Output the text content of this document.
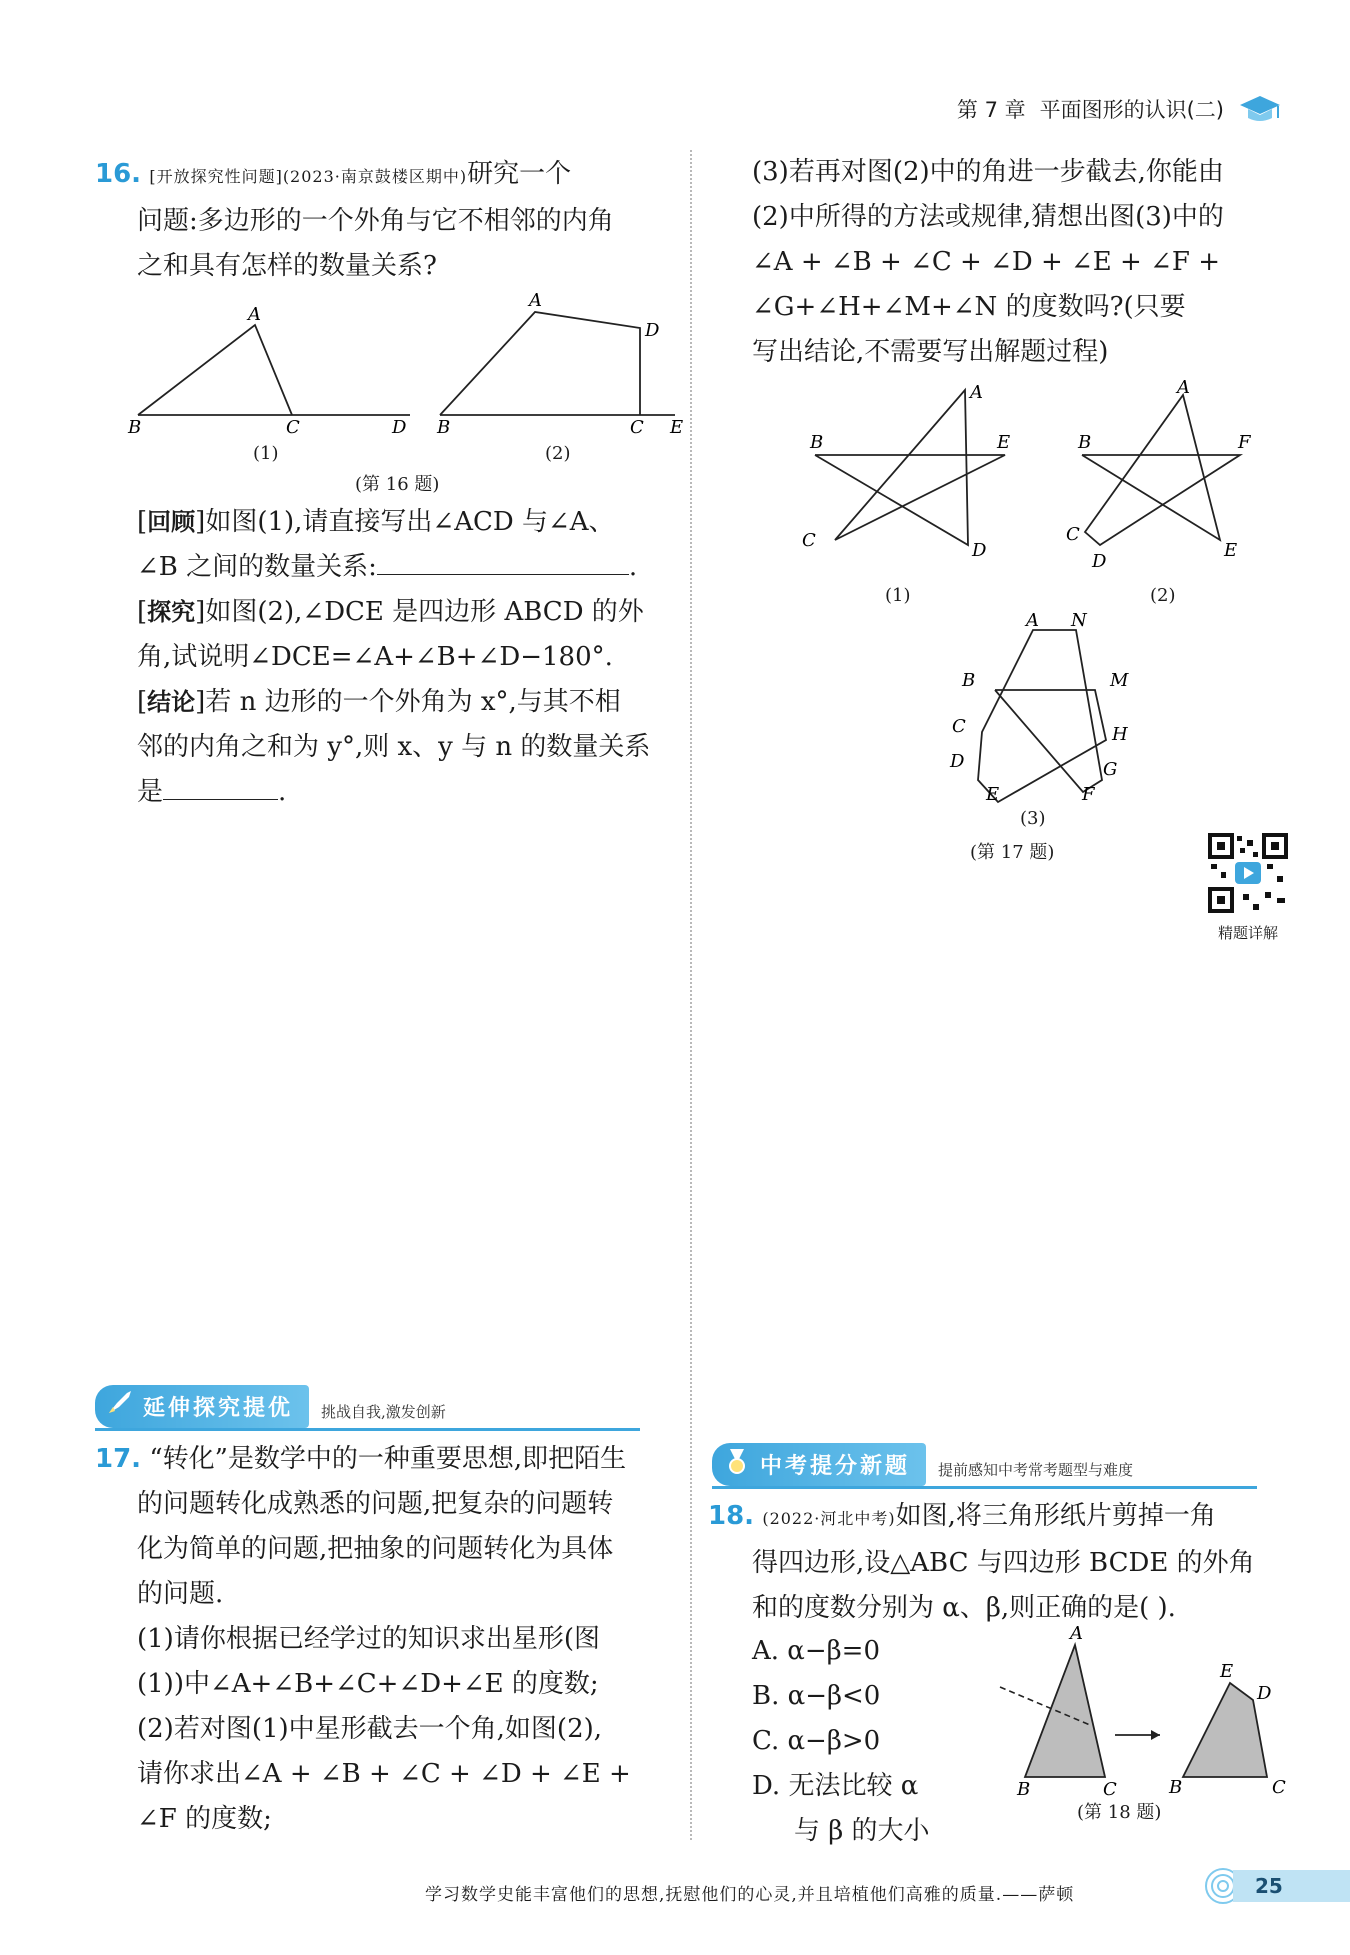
第 7 章 平面图形的认识(二)
16. [开放探究性问题](2023·南京鼓楼区期中)研究一个
问题:多边形的一个外角与它不相邻的内角
之和具有怎样的数量关系?
A
B	C	D
(1)
A
D
B	C E
(2)
(第 16 题)
[回顾]如图(1),请直接写出∠ACD 与∠A、
∠B 之间的数量关系:	.
[探究]如图(2),∠DCE 是四边形 ABCD 的外
角,试说明∠DCE=∠A+∠B+∠D−180°.
[结论]若 n 边形的一个外角为 x°,与其不相
邻的内角之和为 y°,则 x、y 与 n 的数量关系
是	.
(3)若再对图(2)中的角进一步截去,你能由
(2)中所得的方法或规律,猜想出图(3)中的
∠A + ∠B + ∠C + ∠D + ∠E + ∠F +
∠G+∠H+∠M+∠N 的度数吗?(只要
写出结论,不需要写出解题过程)
A
B	E
C	D
(1)
A
B	F
C
D
E
(2)
A N
B	M
C	H
D	G
E	F
(3)
(第 17 题)
精题详解
延伸探究提优	挑战自我,激发创新
17. “转化”是数学中的一种重要思想,即把陌生
的问题转化成熟悉的问题,把复杂的问题转
化为简单的问题,把抽象的问题转化为具体
的问题.
(1)请你根据已经学过的知识求出星形(图
(1))中∠A+∠B+∠C+∠D+∠E 的度数;
(2)若对图(1)中星形截去一个角,如图(2),
请你求出∠A + ∠B + ∠C + ∠D + ∠E +
∠F 的度数;
中考提分新题	提前感知中考常考题型与难度
18. (2022·河北中考)如图,将三角形纸片剪掉一角
得四边形,设△ABC 与四边形 BCDE 的外角
和的度数分别为 α、β,则正确的是( ).
A. α−β=0
B. α−β<0
C. α−β>0
D. 无法比较 α
与 β 的大小
A
B	C
E
D
B	C
(第 18 题)
学习数学史能丰富他们的思想,抚慰他们的心灵,并且培植他们高雅的质量.——萨顿	25
